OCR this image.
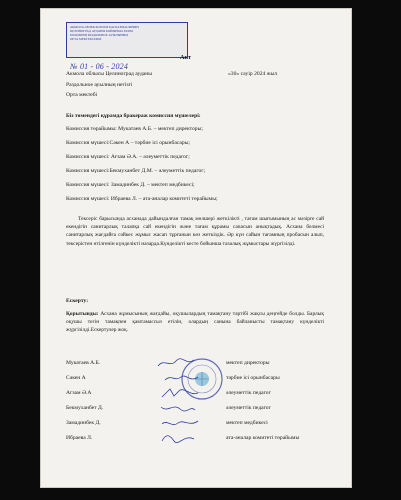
АҚМОЛА ОБЛЫСЫ БІЛІМ БАСҚАРМАСЫНЫҢ
ЦЕЛИНОГРАД АУДАНЫ БОЙЫНША БІЛІМ
БӨЛІМІНІҢ РАЗДОЛЬНОЕ АУЫЛЫНЫҢ
ОРТА МЕКТЕБІ КММ
№ 01 - 06 - 2024
Акт
Акмола облысы Целиноград ауданы	«30» сәуір 2024 жыл
Раздольное ауылның негізгі
Орта мектебі
Біз төмендегі құрамда бракераж комиссия мүшелері:
Комиссия төрайымы: Мукатаев А.Б. – мектеп директоры;
Комиссия мүшесі:Сәкен А – тәрбие ісі орынбасары;
Комиссия мүшесі: Ағзам Ә.А. – әлеуметтік педагог;
Комиссия мүшесі:Бекмуханбет Д.М. – әлеуметтік педагог;
Комиссия мүшесі: Замадинбек Д. – мектеп медбикесі;
Комиссия мүшесі: Ибраева Л. – ата-аналар комитеті төрайымы;
Тексеріс барысында асханада дайындалған тамақ мөлшері жеткілікті , тағам шығымының ас мәзірге сай екендігін санитарлық талапқа сай екендігін және тағам құрамы сапасын анықтадық. Асхана белмесі санитарлық жағдайға сәйкес жұмыс жасап тұрғанын көз жеткіздік. Әр күн сайын тағамның пробасын алып, тексерістен өтілгенін күнделікті назарда.Күнделікті кесте бойынша тазалық жұмыстары жүргізілді.
Ескерту:
Қорытынды: Асхана жұмысының жағдайы, оқушылардың тамақтану тәртібі жақсы деңгейде болды. Барлық оқушы тегін тамақпен қамтамассыз етілін, олардың санына байланысты тамақтану күнделікті жүргізілді.Ескертулер жоқ.
Мукатаев А.Б.	мектеп директоры
Сәкен А	тәрбие ісі орынбасары
Агзам Ә.А	әлеуметтік педагог
Бекмуханбет Д.	әлеуметтік педагог
Замадинбек Д.	мектеп медбикесі
Ибраева Л.	ата-аналар комитеті төрайымы
